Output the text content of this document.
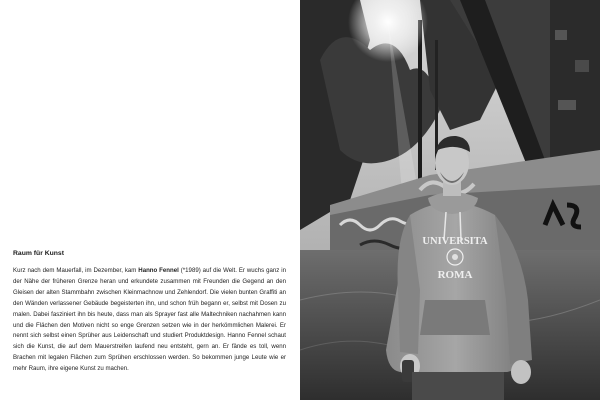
Raum für Kunst

Kurz nach dem Mauerfall, im Dezember, kam Hanno Fennel (*1989) auf die Welt. Er wuchs ganz in der Nähe der früheren Grenze heran und erkundete zusammen mit Freunden die Gegend an den Gleisen der alten Stammbahn zwischen Kleinmachnow und Zehlendorf. Die vielen bunten Graffiti an den Wänden verlassener Gebäude begeisterten ihn, und schon früh begann er, selbst mit Dosen zu malen. Dabei fasziniert ihn bis heute, dass man als Sprayer fast alle Maltechniken nachahmen kann und die Flächen den Motiven nicht so enge Grenzen setzen wie in der herkömmlichen Malerei. Er nennt sich selbst einen Sprüher aus Leidenschaft und studiert Produktdesign. Hanno Fennel schaut sich die Kunst, die auf dem Mauerstreifen laufend neu entsteht, gern an. Er fände es toll, wenn Brachen mit legalen Flächen zum Sprühen erschlossen werden. So bekommen junge Leute wie er mehr Raum, ihre eigene Kunst zu machen.

UNIVERSITA
ROMA
